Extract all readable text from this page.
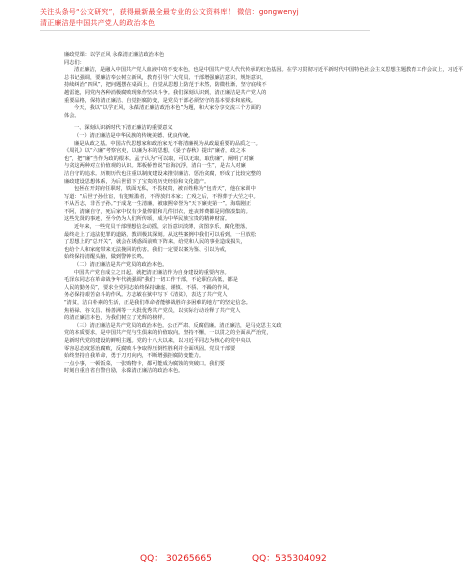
关注头条号“公文研究”，获得最新最全最专业的公文资料库！ 微信：gongwenyj
清正廉洁是中国共产党人的政治本色
廉政党课：以学正风 永葆清正廉洁政治本色
同志们：
清正廉洁，是融入中国共产党人血液中的不变本色，也是中国共产党人代代传承的红色基因。在学习贯彻习近平新时代中国特色社会主义思想主题教育工作会议上，习近平
总书记强调，要廉洁奉公树立新风，教育引导广大党员、干部增强廉洁意识，规矩意识，
持续纠治“四风”，把问题摆在桌面上，自觉从思想上防范于未然，防微杜渐，坚守底线不
越雷池，同党内各种消极腐败现象作坚决斗争。我们深刻认识到，清正廉洁是共产党人的
重要品格，保持清正廉洁、自觉拒腐防变，是党员干部必须坚守的基本要求和底线。
今天，我以“以学正风，永葆清正廉洁政治本色”为题，和大家分享交流三个方面的
体会。
一、深刻认识新时代下清正廉洁的重要意义
（一）清正廉洁是中华民族的传统美德、优良传统。
廉是从政之基。中国古代思想家和政治家无不将清廉视为从政最重要的品质之一。
《周礼》以“六廉”考察官吏，以廉为本的思想，《晏子春秋》提出“廉者，政之本
也”，把“廉”当作为政的根本。孟子认为“可以取，可以无取，取伤廉”，阐明了对廉
与贪这两种对立价值观的认识。郑板桥曾说“宦海沉浮，清白一生”，是古人对廉
洁自守的追求。历朝历代也注重以制度建设来推崇廉洁、惩治贪腐，形成了比较完整的
廉政建设思想体系，为后世留下了宝贵的历史经验和文化遗产。
包拯在开封府任职时，铁面无私，不畏权贵，被百姓称为“包青天”，他在家训中
写道：“后世子孙仕宦，有犯赃滥者，不得放归本家；亡殁之后，不得葬于大茔之中。
不从吾志，非吾子孙。”于成龙一生清廉，被康熙帝誉为“天下廉吏第一”。海瑞刚正
不阿，清廉自守，死后家中仅有少量俸银和几件旧衣，连丧葬费都是同僚凑集的。
这些先贤的事迹，至今仍为人们所传颂，成为中华民族宝贵的精神财富。
近年来，一些党员干部理想信念动摇，宗旨意识淡薄，贪图享乐，腐化堕落，
最终走上了违法犯罪的道路，教训极其深刻。从这些案例中我们可以看到，一旦放松
了思想上的“总开关”，就会在诱惑面前败下阵来，给党和人民的事业造成损失，
也给个人和家庭带来无法挽回的伤害。我们一定要以案为鉴、引以为戒，
始终保持清醒头脑，做到警钟长鸣。
（二）清正廉洁是共产党员的政治本色。
中国共产党自成立之日起，就把清正廉洁作为自身建设的重要内容。
毛泽东同志在革命战争年代就强调“我们一切工作干部，不论职位高低，都是
人民的勤务员”，要求全党同志始终保持谦虚、谨慎、不骄、不躁的作风，
务必保持艰苦奋斗的作风。方志敏在狱中写下《清贫》，表达了共产党人
“清贫，洁白朴素的生活，正是我们革命者能够战胜许多困难的地方”的坚定信念。
焦裕禄、谷文昌、杨善洲等一大批优秀共产党员，以实际行动诠释了共产党人
的清正廉洁本色，为我们树立了光辉的榜样。
（三）清正廉洁是共产党员的政治本色。公正严肃、反腐倡廉。清正廉洁，是马克思主义政
党的本质要求，是中国共产党与生俱来的价值取向。坚持不懈，一以贯之的全面从严治党，
是新时代党的建设的鲜明主题。党的十八大以来，以习近平同志为核心的党中央以
零容忍态度惩治腐败，反腐败斗争取得压倒性胜利并全面巩固。党员干部要
始终坚持自我革命，勇于刀刃向内，不断增强拒腐防变能力。
一点小事，一顿饭菜，一张购物卡，都可能成为腐蚀的突破口。我们要
时刻自重自省自警自励，永葆清正廉洁的政治本色。
QQ： 30265665	QQ：535304092
